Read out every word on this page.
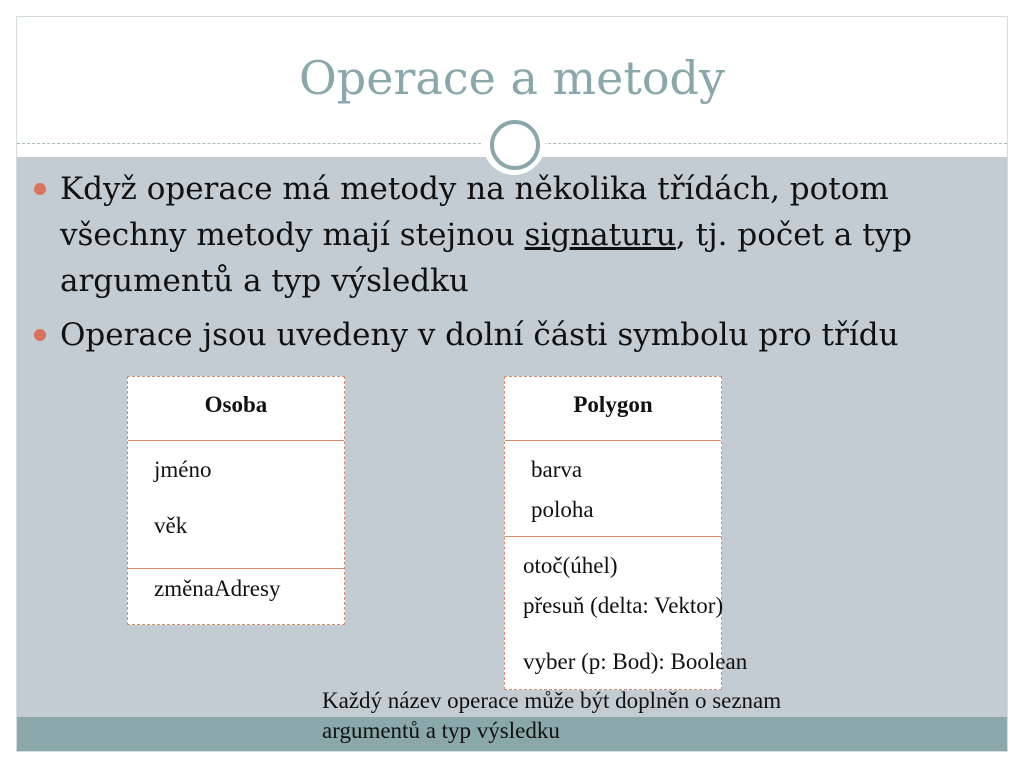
Operace a metody
Když operace má metody na několika třídách, potom všechny metody mají stejnou signaturu, tj. počet a typ argumentů a typ výsledku
Operace jsou uvedeny v dolní části symbolu pro třídu
Osoba
jméno
věk
změnaAdresy
Polygon
barva
poloha
otoč(úhel)
přesuň (delta: Vektor)
vyber (p: Bod): Boolean
Každý název operace může být doplněn o seznam
argumentů a typ výsledku
